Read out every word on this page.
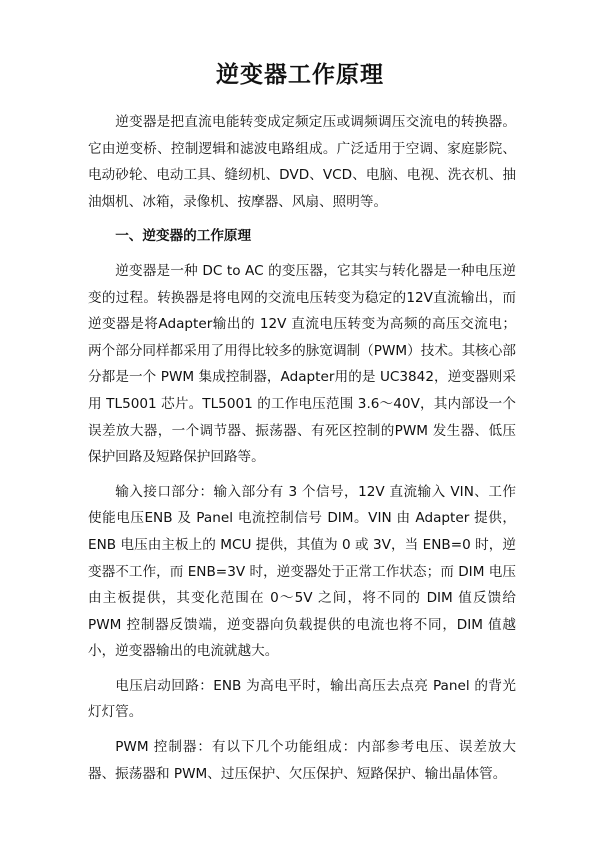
逆变器工作原理

逆变器是把直流电能转变成定频定压或调频调压交流电的转换器。它由逆变桥、控制逻辑和滤波电路组成。广泛适用于空调、家庭影院、电动砂轮、电动工具、缝纫机、DVD、VCD、电脑、电视、洗衣机、抽油烟机、冰箱，录像机、按摩器、风扇、照明等。

一、逆变器的工作原理

逆变器是一种 DC to AC 的变压器，它其实与转化器是一种电压逆变的过程。转换器是将电网的交流电压转变为稳定的12V直流输出，而逆变器是将Adapter输出的 12V 直流电压转变为高频的高压交流电；两个部分同样都采用了用得比较多的脉宽调制（PWM）技术。其核心部分都是一个 PWM 集成控制器，Adapter用的是 UC3842，逆变器则采用 TL5001 芯片。TL5001 的工作电压范围 3.6～40V，其内部设一个误差放大器，一个调节器、振荡器、有死区控制的PWM 发生器、低压保护回路及短路保护回路等。

输入接口部分：输入部分有 3 个信号，12V 直流输入 VIN、工作使能电压ENB 及 Panel 电流控制信号 DIM。VIN 由 Adapter 提供，ENB 电压由主板上的 MCU 提供，其值为 0 或 3V，当 ENB=0 时，逆变器不工作，而 ENB=3V 时，逆变器处于正常工作状态；而 DIM 电压由主板提供，其变化范围在 0～5V 之间，将不同的 DIM 值反馈给 PWM 控制器反馈端，逆变器向负载提供的电流也将不同，DIM 值越小，逆变器输出的电流就越大。

电压启动回路：ENB 为高电平时，输出高压去点亮 Panel 的背光灯灯管。

PWM 控制器：有以下几个功能组成：内部参考电压、误差放大器、振荡器和 PWM、过压保护、欠压保护、短路保护、输出晶体管。
